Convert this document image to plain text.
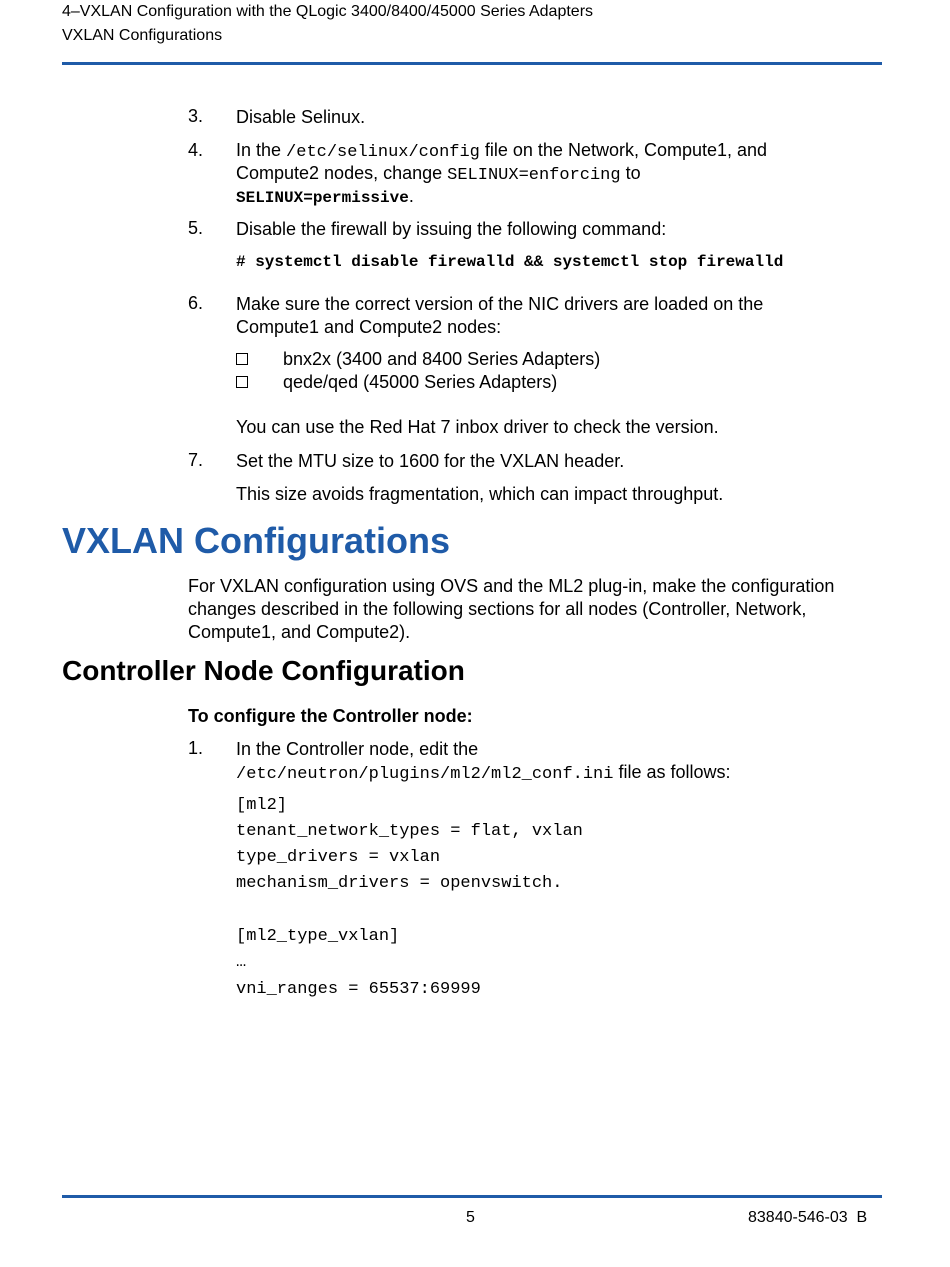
4–VXLAN Configuration with the QLogic 3400/8400/45000 Series Adapters
VXLAN Configurations
3. Disable Selinux.
4. In the /etc/selinux/config file on the Network, Compute1, and
Compute2 nodes, change SELINUX=enforcing to
SELINUX=permissive.
5. Disable the firewall by issuing the following command:
# systemctl disable firewalld && systemctl stop firewalld
6. Make sure the correct version of the NIC drivers are loaded on the
Compute1 and Compute2 nodes:
bnx2x (3400 and 8400 Series Adapters)
qede/qed (45000 Series Adapters)
You can use the Red Hat 7 inbox driver to check the version.
7. Set the MTU size to 1600 for the VXLAN header.
This size avoids fragmentation, which can impact throughput.
VXLAN Configurations
For VXLAN configuration using OVS and the ML2 plug-in, make the configuration
changes described in the following sections for all nodes (Controller, Network,
Compute1, and Compute2).
Controller Node Configuration
To configure the Controller node:
1. In the Controller node, edit the
/etc/neutron/plugins/ml2/ml2_conf.ini file as follows:
[ml2]
tenant_network_types = flat, vxlan
type_drivers = vxlan
mechanism_drivers = openvswitch.
[ml2_type_vxlan]
…
vni_ranges = 65537:69999
5	83840-546-03  B
